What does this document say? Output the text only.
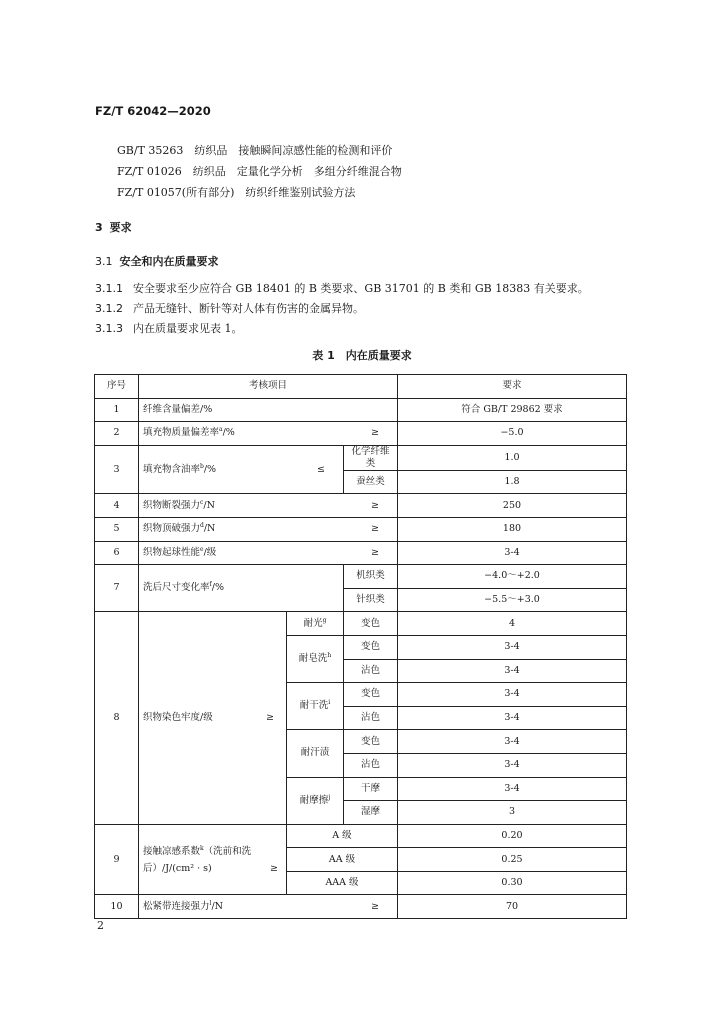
FZ/T 62042—2020
GB/T 35263　纺织品　接触瞬间凉感性能的检测和评价
FZ/T 01026　纺织品　定量化学分析　多组分纤维混合物
FZ/T 01057(所有部分)　纺织纤维鉴别试验方法
3 要求
3.1 安全和内在质量要求
3.1.1 安全要求至少应符合 GB 18401 的 B 类要求、GB 31701 的 B 类和 GB 18383 有关要求。
3.1.2 产品无缝针、断针等对人体有伤害的金属异物。
3.1.3 内在质量要求见表 1。
表 1　内在质量要求
序号	考核项目			要求
1	纤维含量偏差/%			符合 GB/T 29862 要求
2	填充物质量偏差率$^a$/% ≥			−5.0
3	填充物含油率$^b$/% ≤		化学纤维类	1.0
			蚕丝类	1.8
4	织物断裂强力$^c$/N ≥			250
5	织物顶破强力$^d$/N ≥			180
6	织物起球性能$^e$/级 ≥			3-4
7	洗后尺寸变化率$^f$/%		机织类	−4.0～+2.0
			针织类	−5.5～+3.0
8	织物染色牢度/级 ≥	耐光$^g$	变色	4
		耐皂洗$^h$	变色	3-4
			沾色	3-4
		耐干洗$^i$	变色	3-4
			沾色	3-4
		耐汗渍	变色	3-4
			沾色	3-4
		耐摩擦$^j$	干摩	3-4
			湿摩	3
9	接触凉感系数$^k$（洗前和洗
后）/J/(cm² · s) ≥	A 级		0.20
		AA 级		0.25
		AAA 级		0.30
10	松紧带连接强力$^l$/N ≥			70
2
